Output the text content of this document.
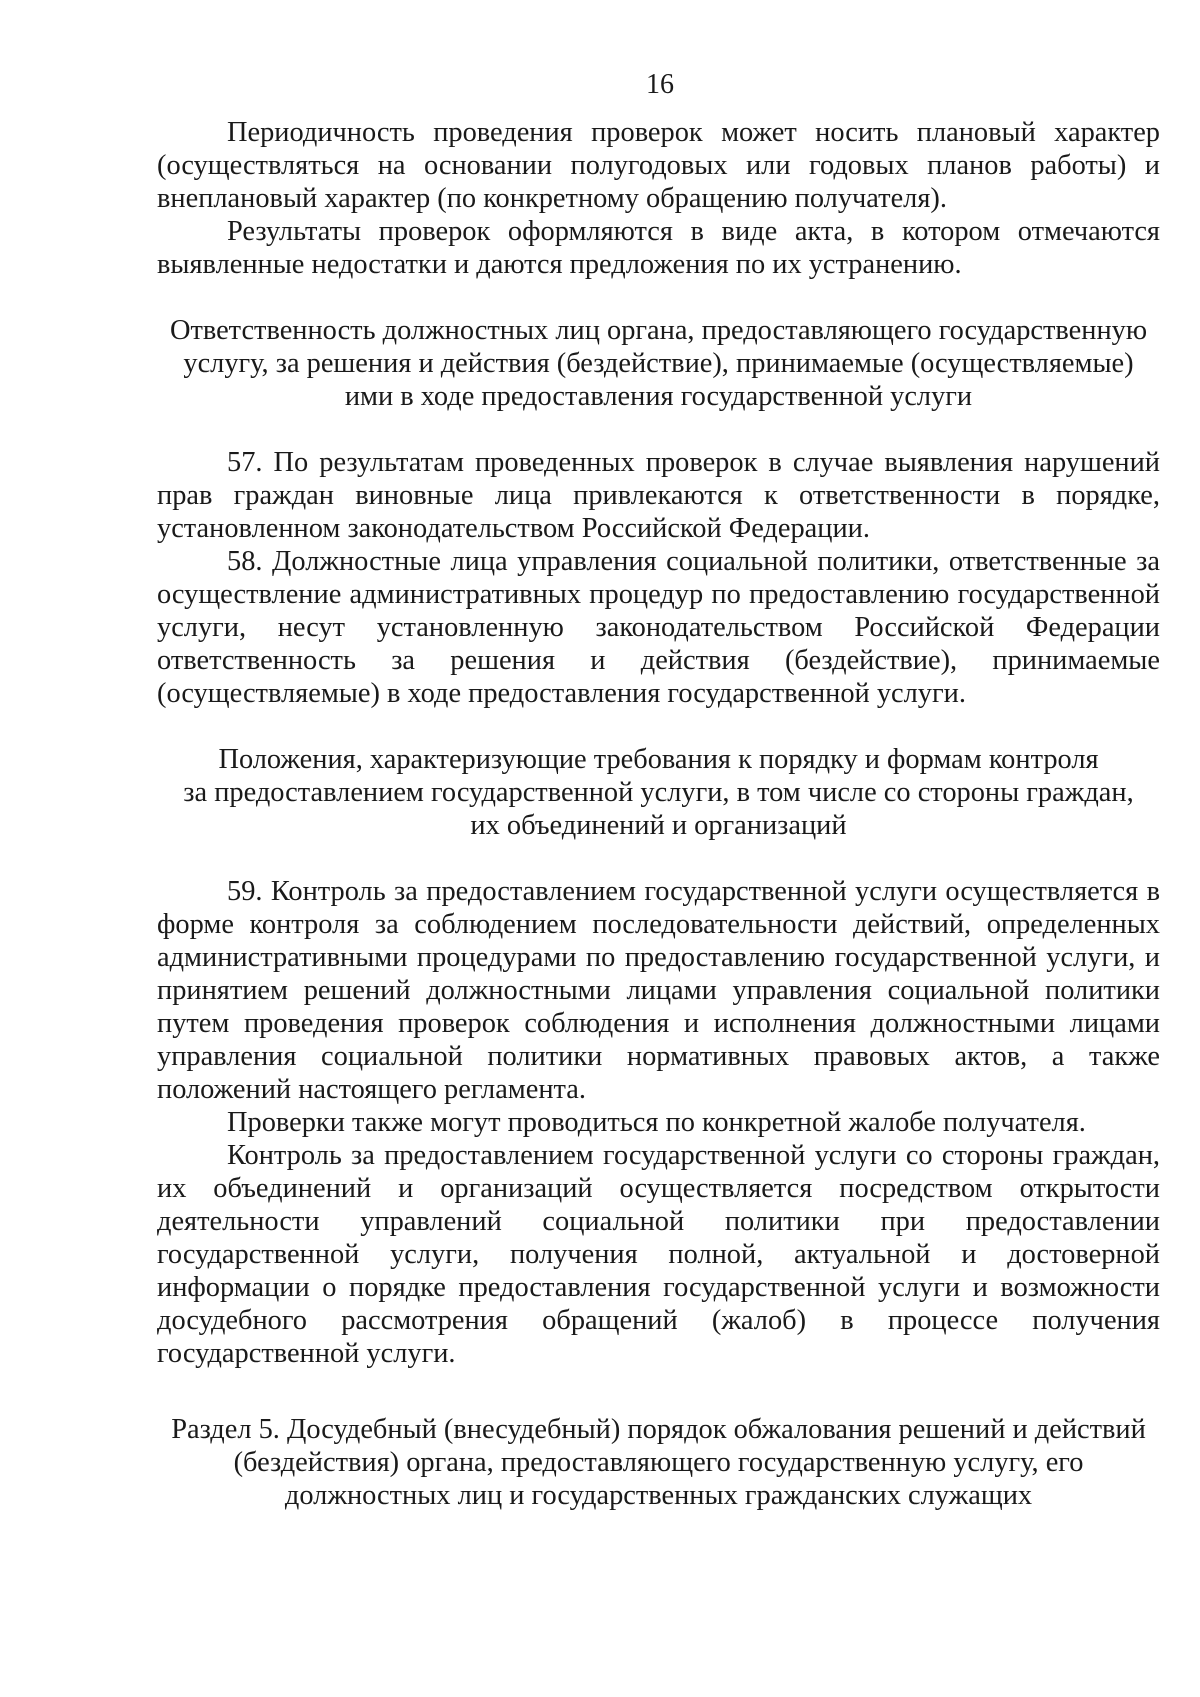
16

Периодичность проведения проверок может носить плановый характер (осуществляться на основании полугодовых или годовых планов работы) и внеплановый характер (по конкретному обращению получателя).

Результаты проверок оформляются в виде акта, в котором отмечаются выявленные недостатки и даются предложения по их устранению.

Ответственность должностных лиц органа, предоставляющего государственную
услугу, за решения и действия (бездействие), принимаемые (осуществляемые)
ими в ходе предоставления государственной услуги

57. По результатам проведенных проверок в случае выявления нарушений прав граждан виновные лица привлекаются к ответственности в порядке, установленном законодательством Российской Федерации.

58. Должностные лица управления социальной политики, ответственные за осуществление административных процедур по предоставлению государственной услуги, несут установленную законодательством Российской Федерации ответственность за решения и действия (бездействие), принимаемые (осуществляемые) в ходе предоставления государственной услуги.

Положения, характеризующие требования к порядку и формам контроля
за предоставлением государственной услуги, в том числе со стороны граждан,
их объединений и организаций

59. Контроль за предоставлением государственной услуги осуществляется в форме контроля за соблюдением последовательности действий, определенных административными процедурами по предоставлению государственной услуги, и принятием решений должностными лицами управления социальной политики путем проведения проверок соблюдения и исполнения должностными лицами управления социальной политики нормативных правовых актов, а также положений настоящего регламента.

Проверки также могут проводиться по конкретной жалобе получателя.

Контроль за предоставлением государственной услуги со стороны граждан, их объединений и организаций осуществляется посредством открытости деятельности управлений социальной политики при предоставлении государственной услуги, получения полной, актуальной и достоверной информации о порядке предоставления государственной услуги и возможности досудебного рассмотрения обращений (жалоб) в процессе получения государственной услуги.

Раздел 5. Досудебный (внесудебный) порядок обжалования решений и действий
(бездействия) органа, предоставляющего государственную услугу, его
должностных лиц и государственных гражданских служащих
